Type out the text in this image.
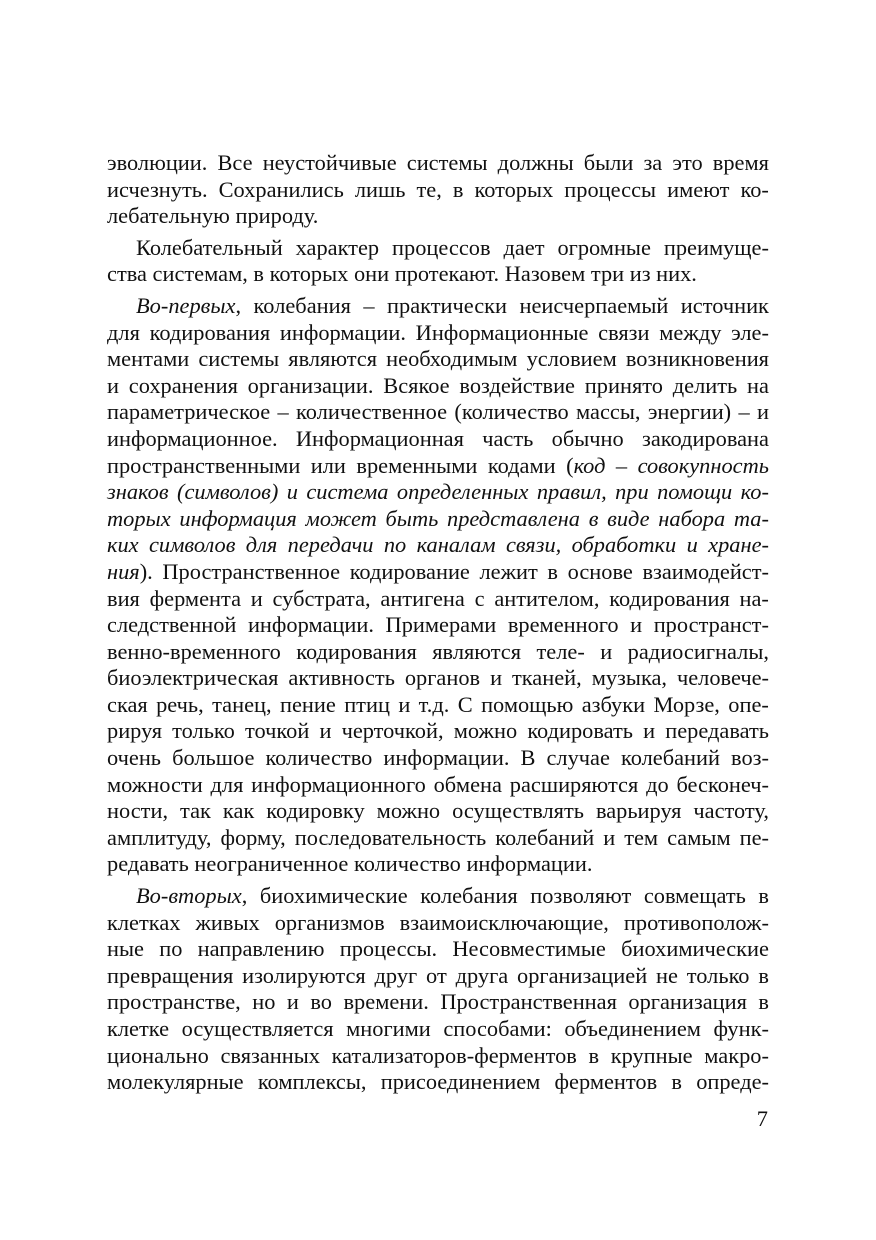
эволюции. Все неустойчивые системы должны были за это время
исчезнуть. Сохранились лишь те, в которых процессы имеют ко-
лебательную природу.
Колебательный характер процессов дает огромные преимуще-
ства системам, в которых они протекают. Назовем три из них.
Во-первых, колебания – практически неисчерпаемый источник
для кодирования информации. Информационные связи между эле-
ментами системы являются необходимым условием возникновения
и сохранения организации. Всякое воздействие принято делить на
параметрическое – количественное (количество массы, энергии) – и
информационное. Информационная часть обычно закодирована
пространственными или временными кодами (код – совокупность
знаков (символов) и система определенных правил, при помощи ко-
торых информация может быть представлена в виде набора та-
ких символов для передачи по каналам связи, обработки и хране-
ния). Пространственное кодирование лежит в основе взаимодейст-
вия фермента и субстрата, антигена с антителом, кодирования на-
следственной информации. Примерами временного и пространст-
венно-временного кодирования являются теле- и радиосигналы,
биоэлектрическая активность органов и тканей, музыка, человече-
ская речь, танец, пение птиц и т.д. С помощью азбуки Морзе, опе-
рируя только точкой и черточкой, можно кодировать и передавать
очень большое количество информации. В случае колебаний воз-
можности для информационного обмена расширяются до бесконеч-
ности, так как кодировку можно осуществлять варьируя частоту,
амплитуду, форму, последовательность колебаний и тем самым пе-
редавать неограниченное количество информации.
Во-вторых, биохимические колебания позволяют совмещать в
клетках живых организмов взаимоисключающие, противополож-
ные по направлению процессы. Несовместимые биохимические
превращения изолируются друг от друга организацией не только в
пространстве, но и во времени. Пространственная организация в
клетке осуществляется многими способами: объединением функ-
ционально связанных катализаторов-ферментов в крупные макро-
молекулярные комплексы, присоединением ферментов в опреде-
7
